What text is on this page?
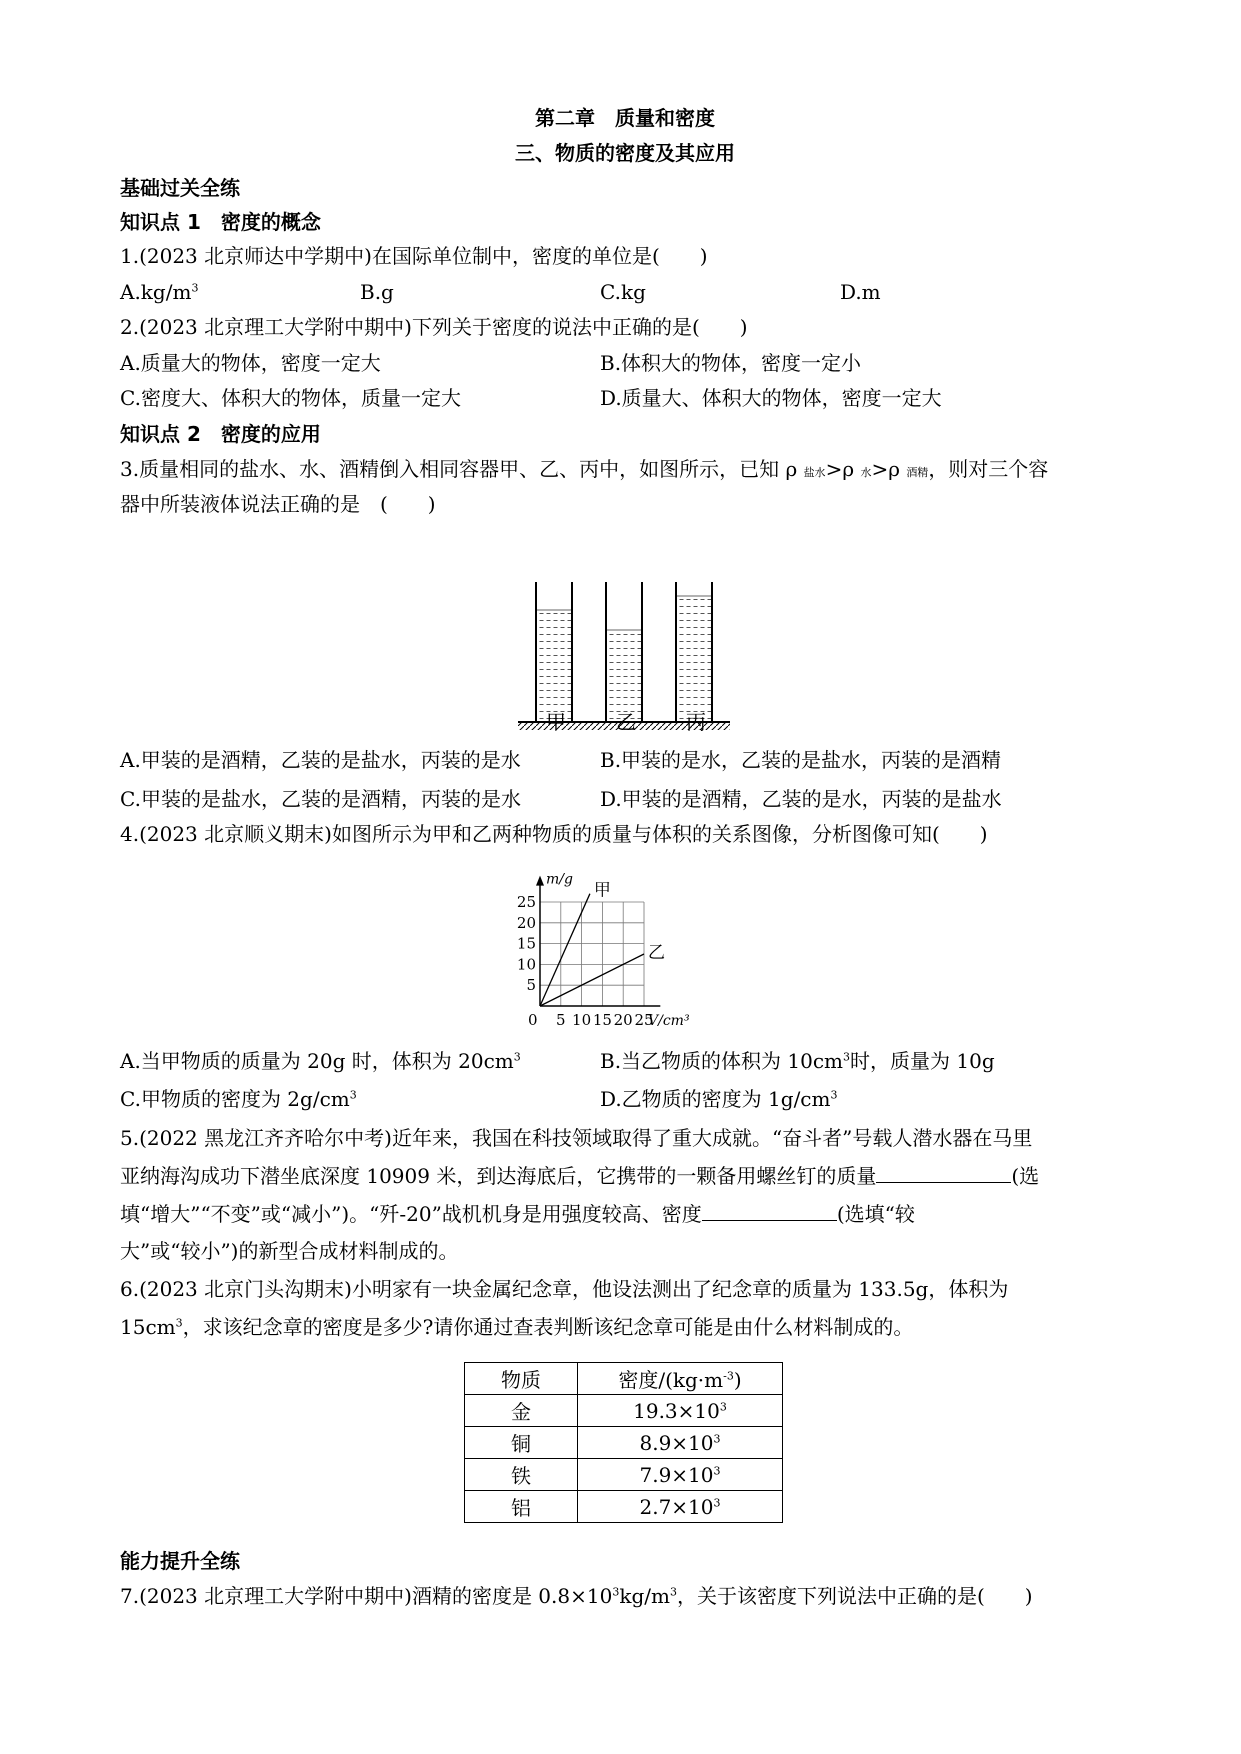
第二章　质量和密度
三、物质的密度及其应用
基础过关全练
知识点 1　密度的概念
1.(2023 北京师达中学期中)在国际单位制中，密度的单位是(　　)
$A.kg/m^3$	B.g	C.kg	D.m
2.(2023 北京理工大学附中期中)下列关于密度的说法中正确的是(　　)
A.质量大的物体，密度一定大	B.体积大的物体，密度一定小
C.密度大、体积大的物体，质量一定大	D.质量大、体积大的物体，密度一定大
知识点 2　密度的应用
3.质量相同的盐水、水、酒精倒入相同容器甲、乙、丙中，如图所示，已知 ρ 盐水>ρ 水>ρ 酒精，则对三个容
器中所装液体说法正确的是　(　　)
甲	乙	丙
A.甲装的是酒精，乙装的是盐水，丙装的是水	B.甲装的是水，乙装的是盐水，丙装的是酒精
C.甲装的是盐水，乙装的是酒精，丙装的是水	D.甲装的是酒精，乙装的是水，丙装的是盐水
4.(2023 北京顺义期末)如图所示为甲和乙两种物质的质量与体积的关系图像，分析图像可知(　　)
0 5 10 15 20 25
5
10
15
20
25
m/g
V/cm³
甲
乙
A.当甲物质的质量为 20g 时，体积为 $20cm^3$	B.当乙物质的体积为 $10cm^3$时，质量为 10g
C.甲物质的密度为 $2g/cm^3$	D.乙物质的密度为 $1g/cm^3$
5.(2022 黑龙江齐齐哈尔中考)近年来，我国在科技领域取得了重大成就。“奋斗者”号载人潜水器在马里
亚纳海沟成功下潜坐底深度 10909 米，到达海底后，它携带的一颗备用螺丝钉的质量	(选
填“增大”“不变”或“减小”)。“歼-20”战机机身是用强度较高、密度	(选填“较
大”或“较小”)的新型合成材料制成的。
6.(2023 北京门头沟期末)小明家有一块金属纪念章，他设法测出了纪念章的质量为 133.5g，体积为
$15cm^3$，求该纪念章的密度是多少?请你通过查表判断该纪念章可能是由什么材料制成的。
物质	密度$/(kg\cdot m^{-3})$
金	$19.3\times 10^3$
铜	$8.9\times 10^3$
铁	$7.9\times 10^3$
铝	$2.7\times 10^3$
能力提升全练
7.(2023 北京理工大学附中期中)酒精的密度是 $0.8\times 10^3kg/m^3$，关于该密度下列说法中正确的是(　　)
